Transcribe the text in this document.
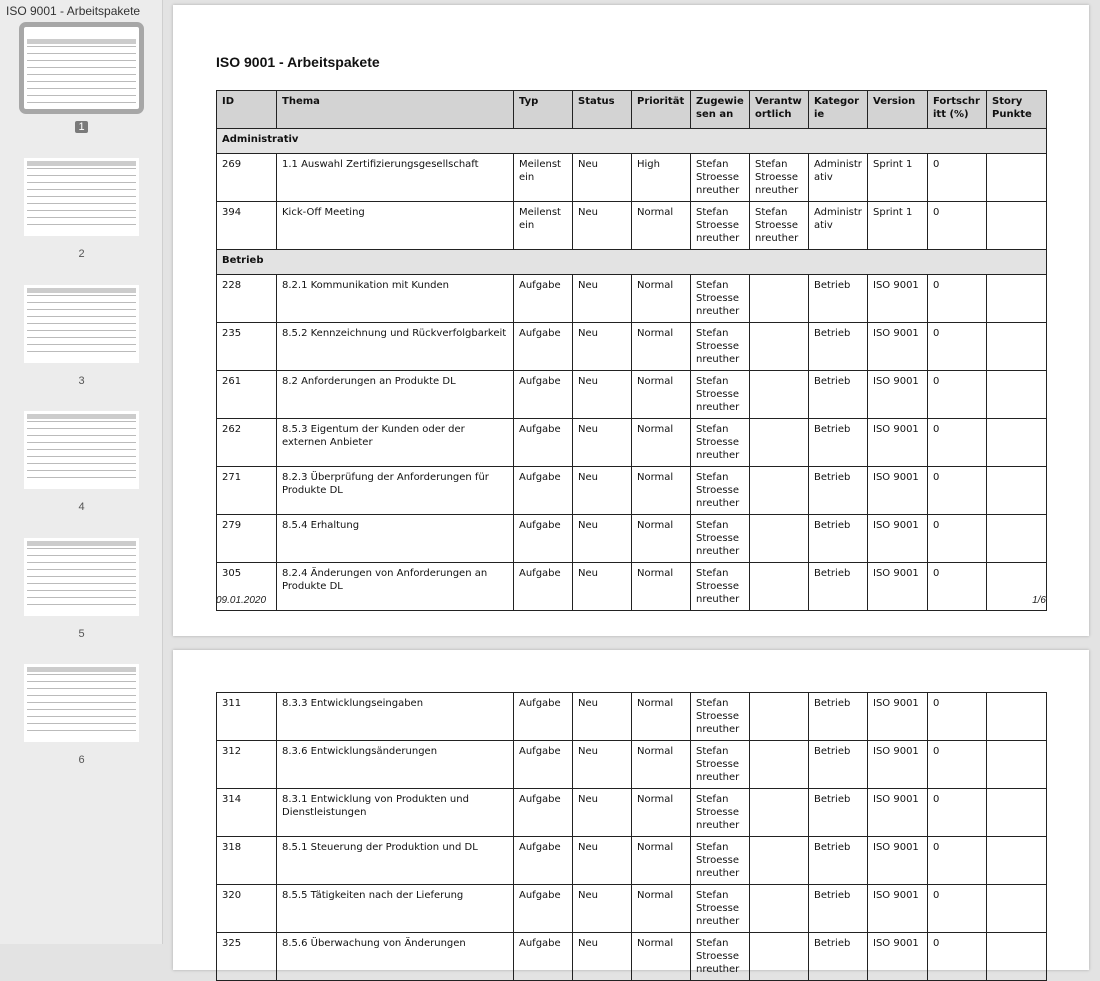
ISO 9001 - Arbeitspakete
1
2
3
4
5
6
ISO 9001 - Arbeitspakete
ID	Thema	Typ	Status	Priorität	Zugewiesen an	Verantwortlich	Kategorie	Version	Fortschritt (%)	Story Punkte
Administrativ										
269	1.1 Auswahl Zertifizierungsgesellschaft	Meilenstein	Neu	High	Stefan Stroessenreuther	Stefan Stroessenreuther	Administrativ	Sprint 1	0	
394	Kick-Off Meeting	Meilenstein	Neu	Normal	Stefan Stroessenreuther	Stefan Stroessenreuther	Administrativ	Sprint 1	0	
Betrieb										
228	8.2.1 Kommunikation mit Kunden	Aufgabe	Neu	Normal	Stefan Stroessenreuther		Betrieb	ISO 9001	0	
235	8.5.2 Kennzeichnung und Rückverfolgbarkeit	Aufgabe	Neu	Normal	Stefan Stroessenreuther		Betrieb	ISO 9001	0	
261	8.2 Anforderungen an Produkte DL	Aufgabe	Neu	Normal	Stefan Stroessenreuther		Betrieb	ISO 9001	0	
262	8.5.3 Eigentum der Kunden oder der externen Anbieter	Aufgabe	Neu	Normal	Stefan Stroessenreuther		Betrieb	ISO 9001	0	
271	8.2.3 Überprüfung der Anforderungen für Produkte DL	Aufgabe	Neu	Normal	Stefan Stroessenreuther		Betrieb	ISO 9001	0	
279	8.5.4 Erhaltung	Aufgabe	Neu	Normal	Stefan Stroessenreuther		Betrieb	ISO 9001	0	
305	8.2.4 Änderungen von Anforderungen an Produkte DL	Aufgabe	Neu	Normal	Stefan Stroessenreuther		Betrieb	ISO 9001	0	
09.01.2020	1/6
311	8.3.3 Entwicklungseingaben	Aufgabe	Neu	Normal	Stefan Stroessenreuther		Betrieb	ISO 9001	0	
312	8.3.6 Entwicklungsänderungen	Aufgabe	Neu	Normal	Stefan Stroessenreuther		Betrieb	ISO 9001	0	
314	8.3.1 Entwicklung von Produkten und Dienstleistungen	Aufgabe	Neu	Normal	Stefan Stroessenreuther		Betrieb	ISO 9001	0	
318	8.5.1 Steuerung der Produktion und DL	Aufgabe	Neu	Normal	Stefan Stroessenreuther		Betrieb	ISO 9001	0	
320	8.5.5 Tätigkeiten nach der Lieferung	Aufgabe	Neu	Normal	Stefan Stroessenreuther		Betrieb	ISO 9001	0	
325	8.5.6 Überwachung von Änderungen	Aufgabe	Neu	Normal	Stefan Stroessenreuther		Betrieb	ISO 9001	0	
